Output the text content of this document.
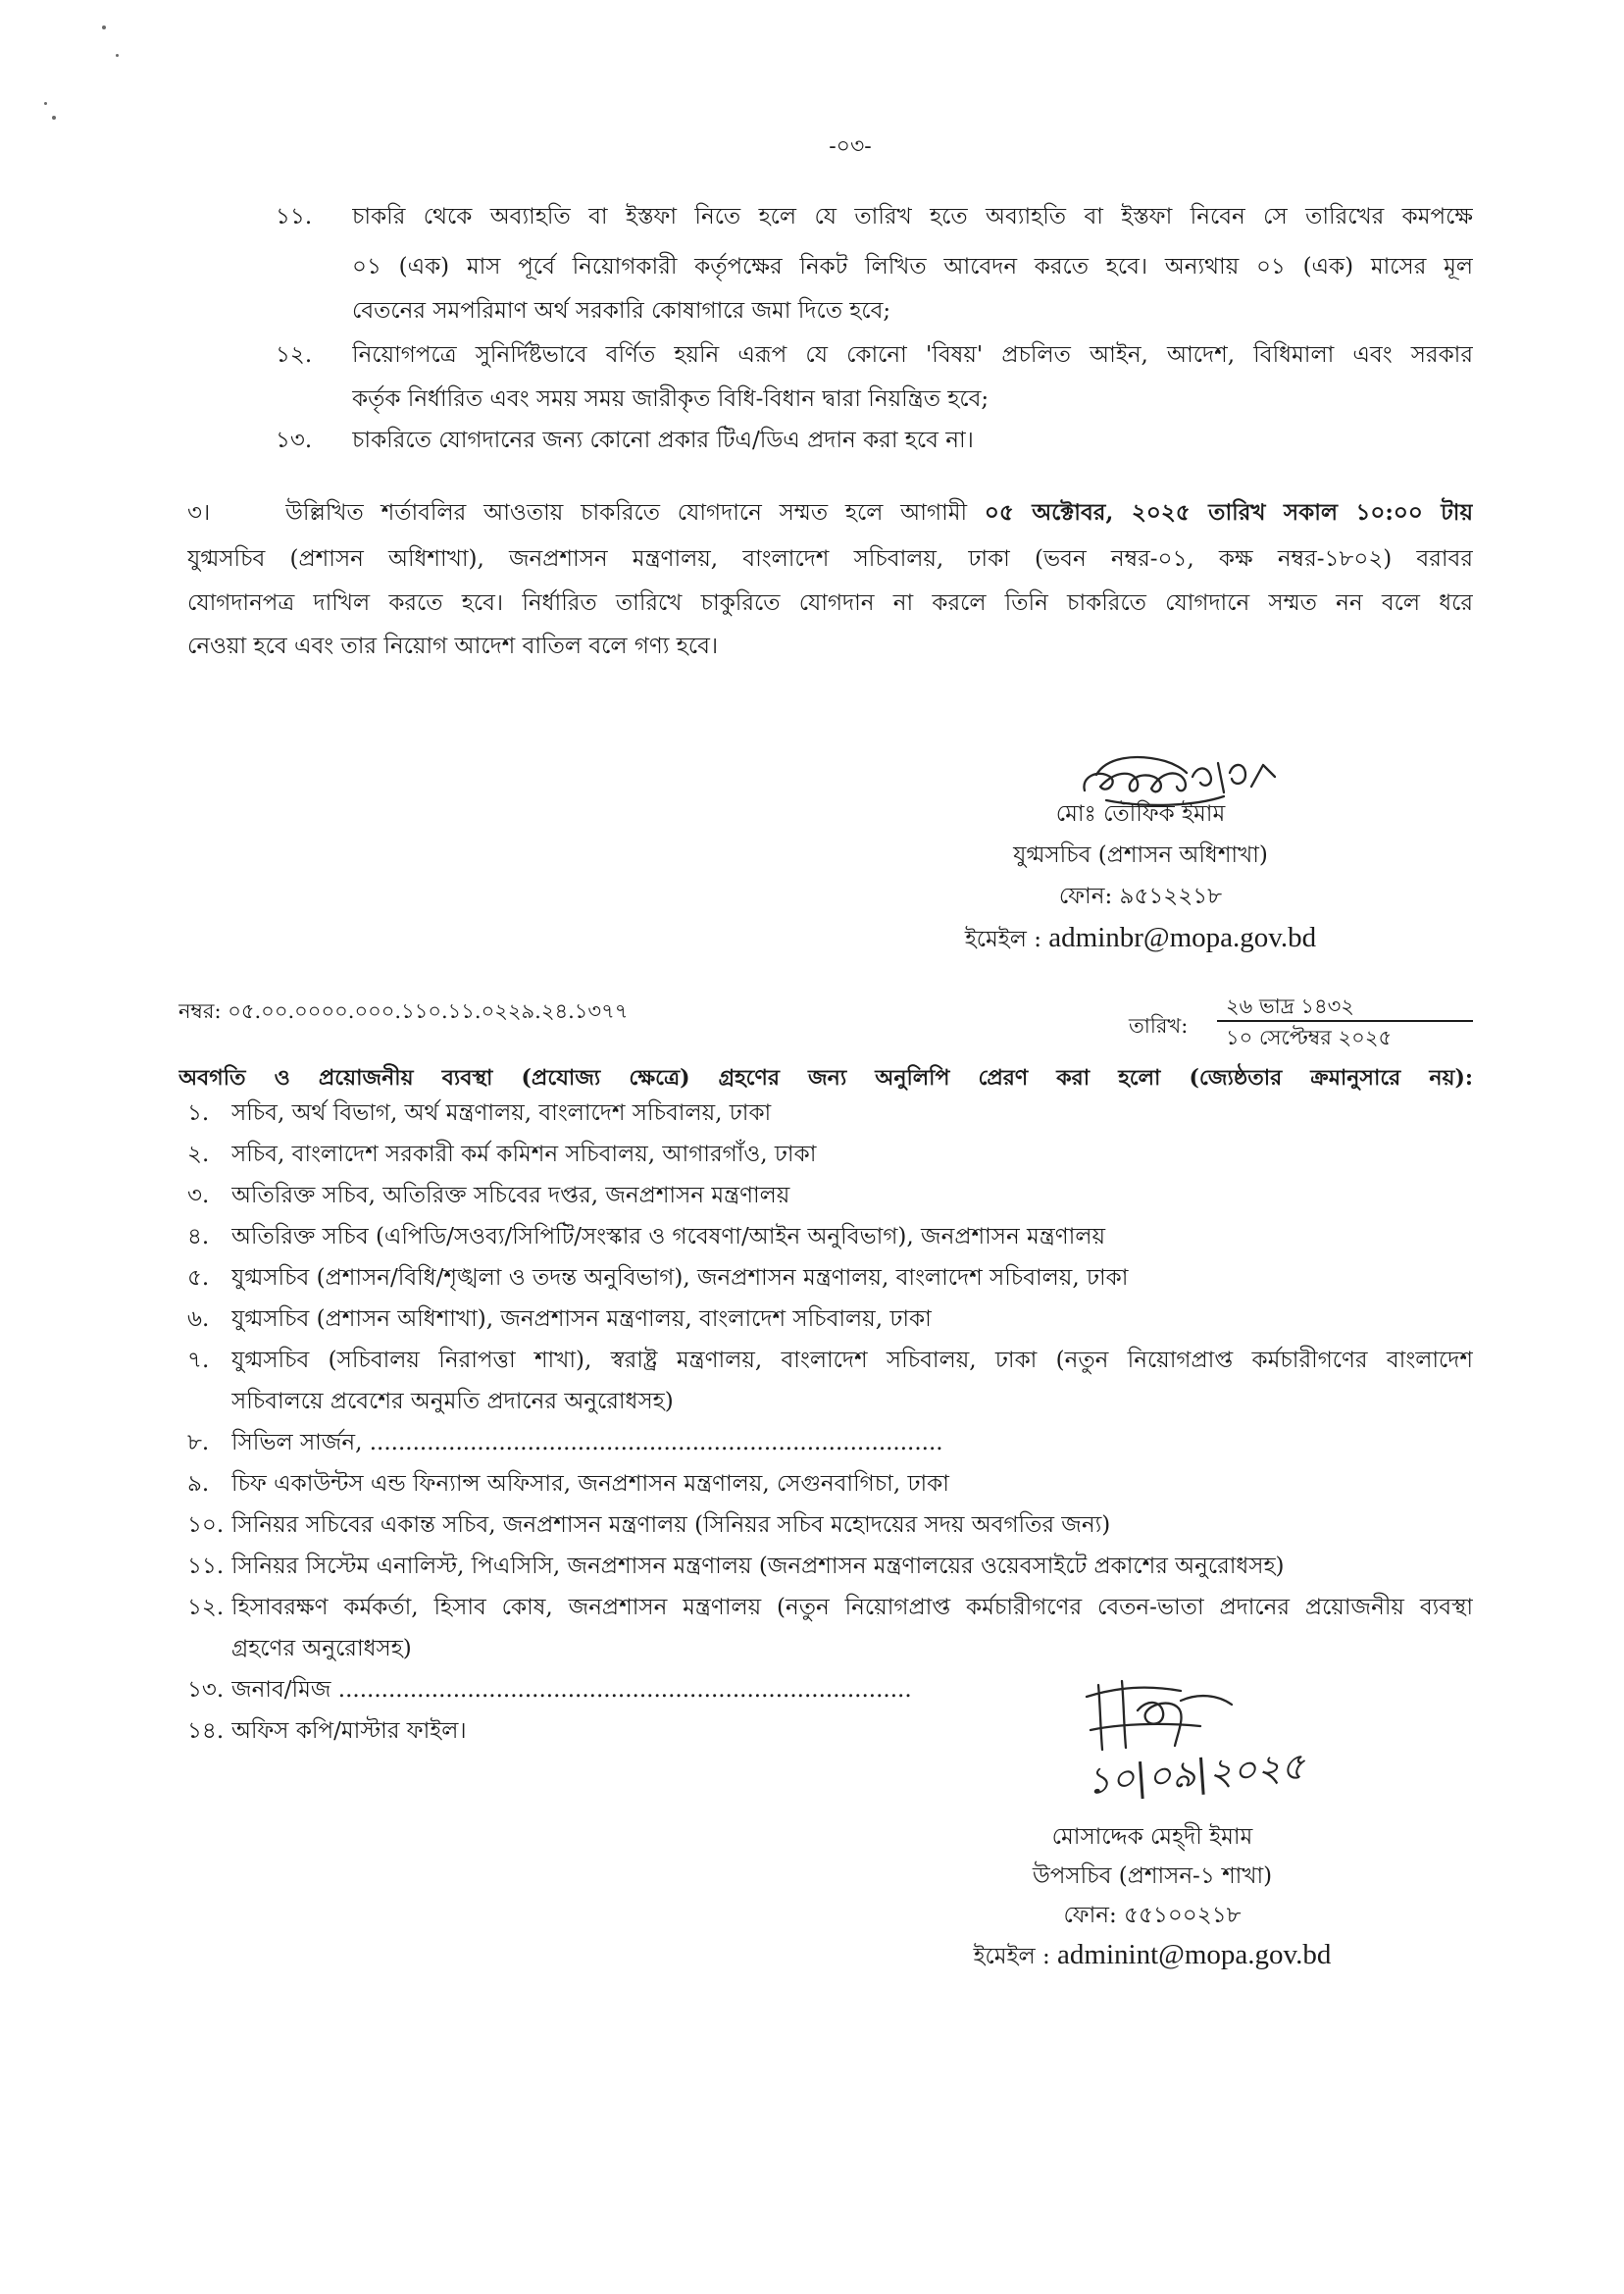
-০৩-
১১. চাকরি থেকে অব্যাহতি বা ইস্তফা নিতে হলে যে তারিখ হতে অব্যাহতি বা ইস্তফা নিবেন সে তারিখের কমপক্ষে
০১ (এক) মাস পূর্বে নিয়োগকারী কর্তৃপক্ষের নিকট লিখিত আবেদন করতে হবে। অন্যথায় ০১ (এক) মাসের মূল
বেতনের সমপরিমাণ অর্থ সরকারি কোষাগারে জমা দিতে হবে;
১২. নিয়োগপত্রে সুনির্দিষ্টভাবে বর্ণিত হয়নি এরূপ যে কোনো 'বিষয়' প্রচলিত আইন, আদেশ, বিধিমালা এবং সরকার
কর্তৃক নির্ধারিত এবং সময় সময় জারীকৃত বিধি-বিধান দ্বারা নিয়ন্ত্রিত হবে;
১৩. চাকরিতে যোগদানের জন্য কোনো প্রকার টিএ/ডিএ প্রদান করা হবে না।
৩।	উল্লিখিত শর্তাবলির আওতায় চাকরিতে যোগদানে সম্মত হলে আগামী ০৫ অক্টোবর, ২০২৫ তারিখ সকাল ১০:০০ টায়
যুগ্মসচিব (প্রশাসন অধিশাখা), জনপ্রশাসন মন্ত্রণালয়, বাংলাদেশ সচিবালয়, ঢাকা (ভবন নম্বর-০১, কক্ষ নম্বর-১৮০২) বরাবর
যোগদানপত্র দাখিল করতে হবে। নির্ধারিত তারিখে চাকুরিতে যোগদান না করলে তিনি চাকরিতে যোগদানে সম্মত নন বলে ধরে
নেওয়া হবে এবং তার নিয়োগ আদেশ বাতিল বলে গণ্য হবে।
মোঃ তৌফিক ইমাম
যুগ্মসচিব (প্রশাসন অধিশাখা)
ফোন: ৯৫১২২১৮
ইমেইল : adminbr@mopa.gov.bd
নম্বর: ০৫.০০.০০০০.০০০.১১০.১১.০২২৯.২৪.১৩৭৭
তারিখ:
২৬ ভাদ্র ১৪৩২
১০ সেপ্টেম্বর ২০২৫
অবগতি ও প্রয়োজনীয় ব্যবস্থা (প্রযোজ্য ক্ষেত্রে) গ্রহণের জন্য অনুলিপি প্রেরণ করা হলো (জ্যেষ্ঠতার ক্রমানুসারে নয়):
১. সচিব, অর্থ বিভাগ, অর্থ মন্ত্রণালয়, বাংলাদেশ সচিবালয়, ঢাকা
২. সচিব, বাংলাদেশ সরকারী কর্ম কমিশন সচিবালয়, আগারগাঁও, ঢাকা
৩. অতিরিক্ত সচিব, অতিরিক্ত সচিবের দপ্তর, জনপ্রশাসন মন্ত্রণালয়
৪. অতিরিক্ত সচিব (এপিডি/সওব্য/সিপিটি/সংস্কার ও গবেষণা/আইন অনুবিভাগ), জনপ্রশাসন মন্ত্রণালয়
৫. যুগ্মসচিব (প্রশাসন/বিধি/শৃঙ্খলা ও তদন্ত অনুবিভাগ), জনপ্রশাসন মন্ত্রণালয়, বাংলাদেশ সচিবালয়, ঢাকা
৬. যুগ্মসচিব (প্রশাসন অধিশাখা), জনপ্রশাসন মন্ত্রণালয়, বাংলাদেশ সচিবালয়, ঢাকা
৭. যুগ্মসচিব (সচিবালয় নিরাপত্তা শাখা), স্বরাষ্ট্র মন্ত্রণালয়, বাংলাদেশ সচিবালয়, ঢাকা (নতুন নিয়োগপ্রাপ্ত কর্মচারীগণের বাংলাদেশ
সচিবালয়ে প্রবেশের অনুমতি প্রদানের অনুরোধসহ)
৮. সিভিল সার্জন, ................................................................................
৯. চিফ একাউন্টস এন্ড ফিন্যান্স অফিসার, জনপ্রশাসন মন্ত্রণালয়, সেগুনবাগিচা, ঢাকা
১০. সিনিয়র সচিবের একান্ত সচিব, জনপ্রশাসন মন্ত্রণালয় (সিনিয়র সচিব মহোদয়ের সদয় অবগতির জন্য)
১১. সিনিয়র সিস্টেম এনালিস্ট, পিএসিসি, জনপ্রশাসন মন্ত্রণালয় (জনপ্রশাসন মন্ত্রণালয়ের ওয়েবসাইটে প্রকাশের অনুরোধসহ)
১২. হিসাবরক্ষণ কর্মকর্তা, হিসাব কোষ, জনপ্রশাসন মন্ত্রণালয় (নতুন নিয়োগপ্রাপ্ত কর্মচারীগণের বেতন-ভাতা প্রদানের প্রয়োজনীয় ব্যবস্থা
গ্রহণের অনুরোধসহ)
১৩. জনাব/মিজ ................................................................................
১৪. অফিস কপি/মাস্টার ফাইল।
১০|০৯|২০২৫
মোসাদ্দেক মেহ্‌দী ইমাম
উপসচিব (প্রশাসন-১ শাখা)
ফোন: ৫৫১০০২১৮
ইমেইল : adminint@mopa.gov.bd
